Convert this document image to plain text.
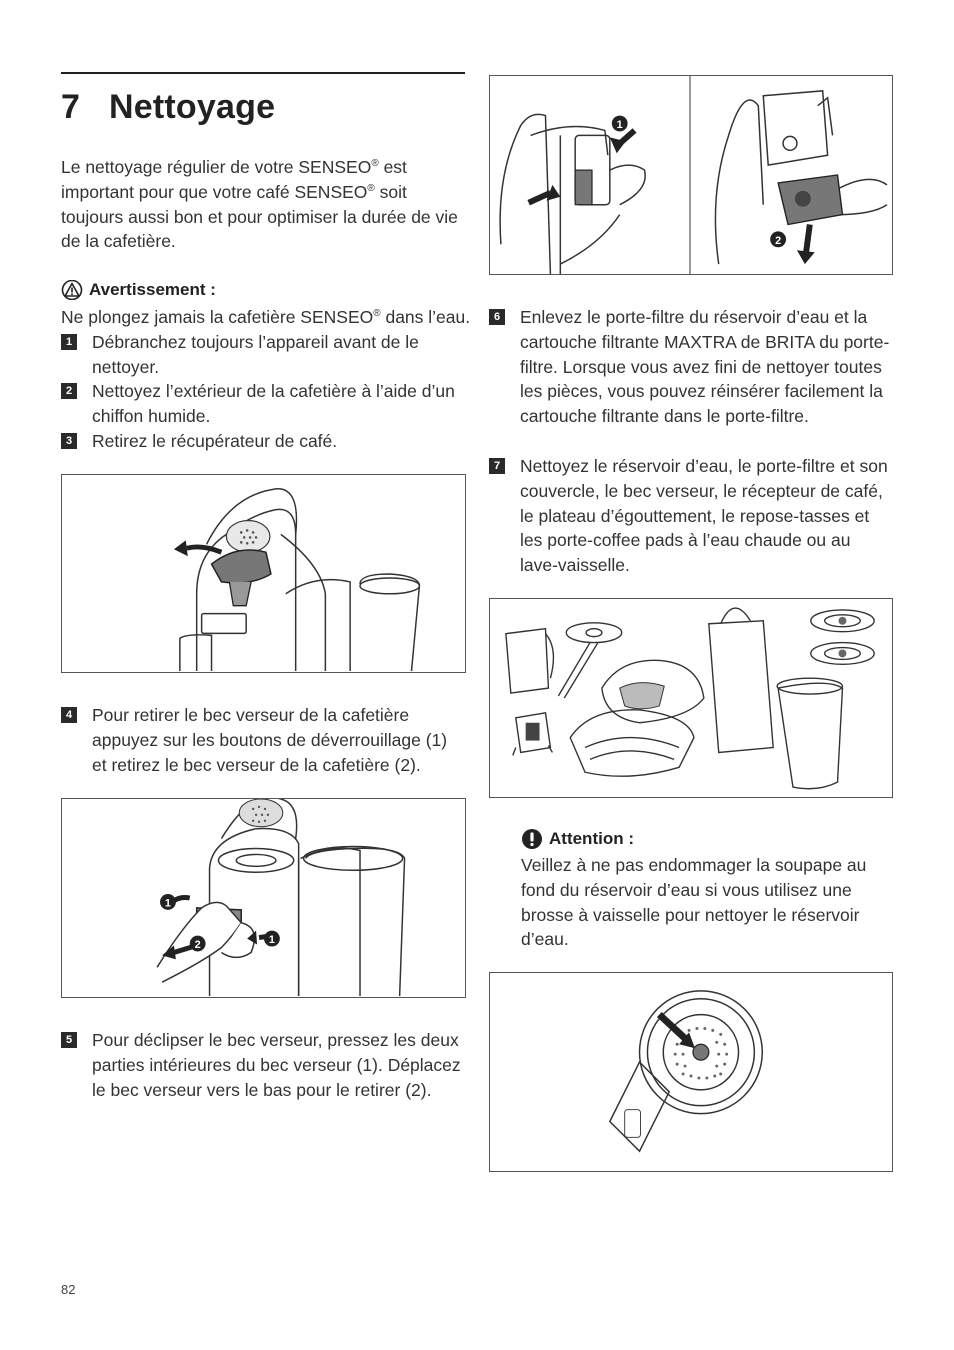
7 Nettoyage
Le nettoyage régulier de votre SENSEO® est important pour que votre café SENSEO® soit toujours aussi bon et pour optimiser la durée de vie de la cafetière.
Avertissement :
Ne plongez jamais la cafetière SENSEO® dans l’eau.
1 Débranchez toujours l’appareil avant de le nettoyer.
2 Nettoyez l’extérieur de la cafetière à l’aide d’un chiffon humide.
3 Retirez le récupérateur de café.
4 Pour retirer le bec verseur de la cafetière appuyez sur les boutons de déverrouillage (1) et retirez le bec verseur de la cafetière (2).
1
1
2
5 Pour déclipser le bec verseur, pressez les deux parties intérieures du bec verseur (1). Déplacez le bec verseur vers le bas pour le retirer (2).
1
2
6 Enlevez le porte-filtre du réservoir d’eau et la cartouche filtrante MAXTRA de BRITA du porte-filtre. Lorsque vous avez fini de nettoyer toutes les pièces, vous pouvez réinsérer facilement la cartouche filtrante dans le porte-filtre.
7 Nettoyez le réservoir d’eau, le porte-filtre et son couvercle, le bec verseur, le récepteur de café, le plateau d’égouttement, le repose-tasses et les porte-coffee pads à l’eau chaude ou au lave-vaisselle.
Attention :
Veillez à ne pas endommager la soupape au fond du réservoir d’eau si vous utilisez une brosse à vaisselle pour nettoyer le réservoir d’eau.
82
